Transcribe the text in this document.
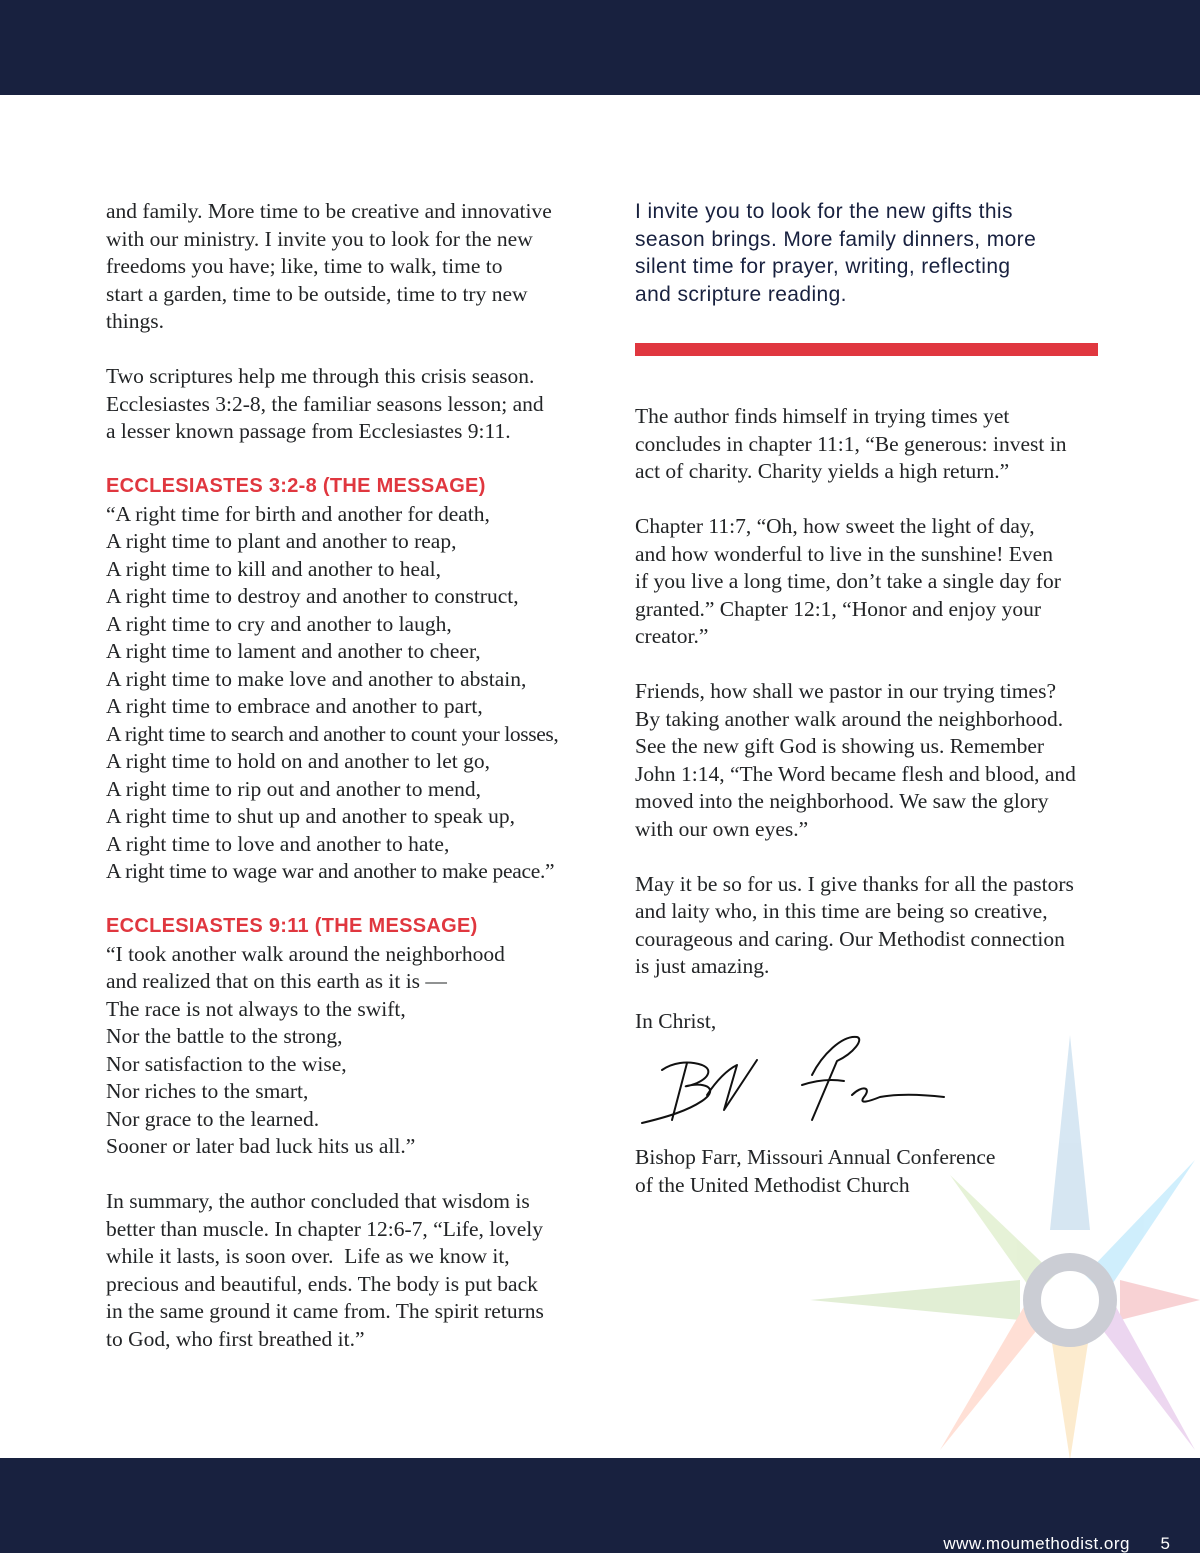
and family. More time to be creative and innovative
with our ministry. I invite you to look for the new
freedoms you have; like, time to walk, time to
start a garden, time to be outside, time to try new
things.

Two scriptures help me through this crisis season.
Ecclesiastes 3:2-8, the familiar seasons lesson; and
a lesser known passage from Ecclesiastes 9:11.

ECCLESIASTES 3:2-8 (THE MESSAGE)
“A right time for birth and another for death,
A right time to plant and another to reap,
A right time to kill and another to heal,
A right time to destroy and another to construct,
A right time to cry and another to laugh,
A right time to lament and another to cheer,
A right time to make love and another to abstain,
A right time to embrace and another to part,
A right time to search and another to count your losses,
A right time to hold on and another to let go,
A right time to rip out and another to mend,
A right time to shut up and another to speak up,
A right time to love and another to hate,
A right time to wage war and another to make peace.”

ECCLESIASTES 9:11 (THE MESSAGE)
“I took another walk around the neighborhood
and realized that on this earth as it is —
The race is not always to the swift,
Nor the battle to the strong,
Nor satisfaction to the wise,
Nor riches to the smart,
Nor grace to the learned.
Sooner or later bad luck hits us all.”

In summary, the author concluded that wisdom is
better than muscle. In chapter 12:6-7, “Life, lovely
while it lasts, is soon over.  Life as we know it,
precious and beautiful, ends. The body is put back
in the same ground it came from. The spirit returns
to God, who first breathed it.”

I invite you to look for the new gifts this
season brings. More family dinners, more
silent time for prayer, writing, reflecting
and scripture reading.

The author finds himself in trying times yet
concludes in chapter 11:1, “Be generous: invest in
act of charity. Charity yields a high return.”

Chapter 11:7, “Oh, how sweet the light of day,
and how wonderful to live in the sunshine! Even
if you live a long time, don’t take a single day for
granted.” Chapter 12:1, “Honor and enjoy your
creator.”

Friends, how shall we pastor in our trying times?
By taking another walk around the neighborhood.
See the new gift God is showing us. Remember
John 1:14, “The Word became flesh and blood, and
moved into the neighborhood. We saw the glory
with our own eyes.”

May it be so for us. I give thanks for all the pastors
and laity who, in this time are being so creative,
courageous and caring. Our Methodist connection
is just amazing.

In Christ,

Bishop Farr, Missouri Annual Conference
of the United Methodist Church
www.moumethodist.org 5
